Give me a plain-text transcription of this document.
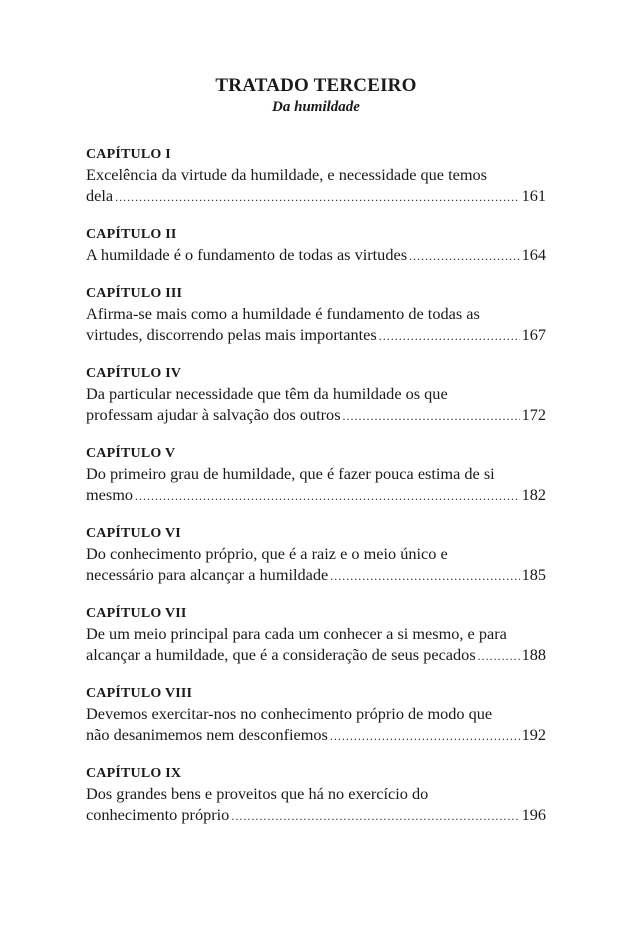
TRATADO TERCEIRO
Da humildade
CAPÍTULO I
Excelência da virtude da humildade, e necessidade que temos
dela .....	161
CAPÍTULO II
A humildade é o fundamento de todas as virtudes .....	164
CAPÍTULO III
Afirma-se mais como a humildade é fundamento de todas as
virtudes, discorrendo pelas mais importantes .....	167
CAPÍTULO IV
Da particular necessidade que têm da humildade os que
professam ajudar à salvação dos outros .....	172
CAPÍTULO V
Do primeiro grau de humildade, que é fazer pouca estima de si
mesmo .....	182
CAPÍTULO VI
Do conhecimento próprio, que é a raiz e o meio único e
necessário para alcançar a humildade .....	185
CAPÍTULO VII
De um meio principal para cada um conhecer a si mesmo, e para
alcançar a humildade, que é a consideração de seus pecados .....	188
CAPÍTULO VIII
Devemos exercitar-nos no conhecimento próprio de modo que
não desanimemos nem desconfiemos .....	192
CAPÍTULO IX
Dos grandes bens e proveitos que há no exercício do
conhecimento próprio .....	196
